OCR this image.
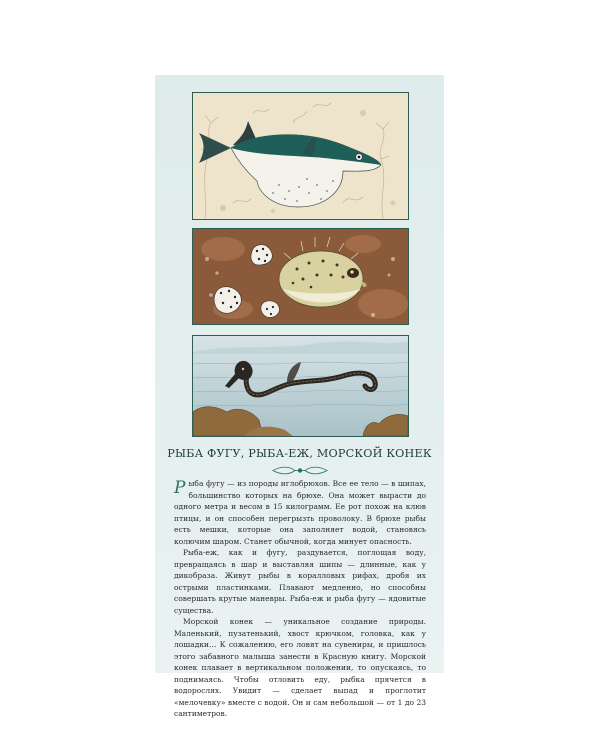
РЫБА ФУГУ, РЫБА-ЕЖ, МОРСКОЙ КОНЕК

Рыба фугу — из породы иглобрюхов. Все ее тело — в шипах, большинство которых на брюхе. Она может вырасти до одного метра и весом в 15 килограмм. Ее рот похож на клюв птицы, и он способен перегрызть проволоку. В брюхе рыбы есть мешки, которые она заполняет водой, становясь колючим шаром. Станет обычной, когда минует опасность.

Рыба-еж, как и фугу, раздувается, поглощая воду, превращаясь в шар и выставляя шипы — длинные, как у дикобраза. Живут рыбы в коралловых рифах, дробя их острыми пластинками. Плавают медленно, но способны совершать крутые маневры. Рыба-еж и рыба фугу — ядовитые существа.

Морской конек — уникальное создание природы. Маленький, пузатенький, хвост крючком, головка, как у лошадки… К сожалению, его ловят на сувениры, и пришлось этого забавного малыша занести в Красную книгу. Морской конек плавает в вертикальном положении, то опускаясь, то поднимаясь. Чтобы отловить еду, рыбка прячется в водорослях. Увидит — сделает выпад и проглотит «мелочевку» вместе с водой. Он и сам небольшой — от 1 до 23 сантиметров.
